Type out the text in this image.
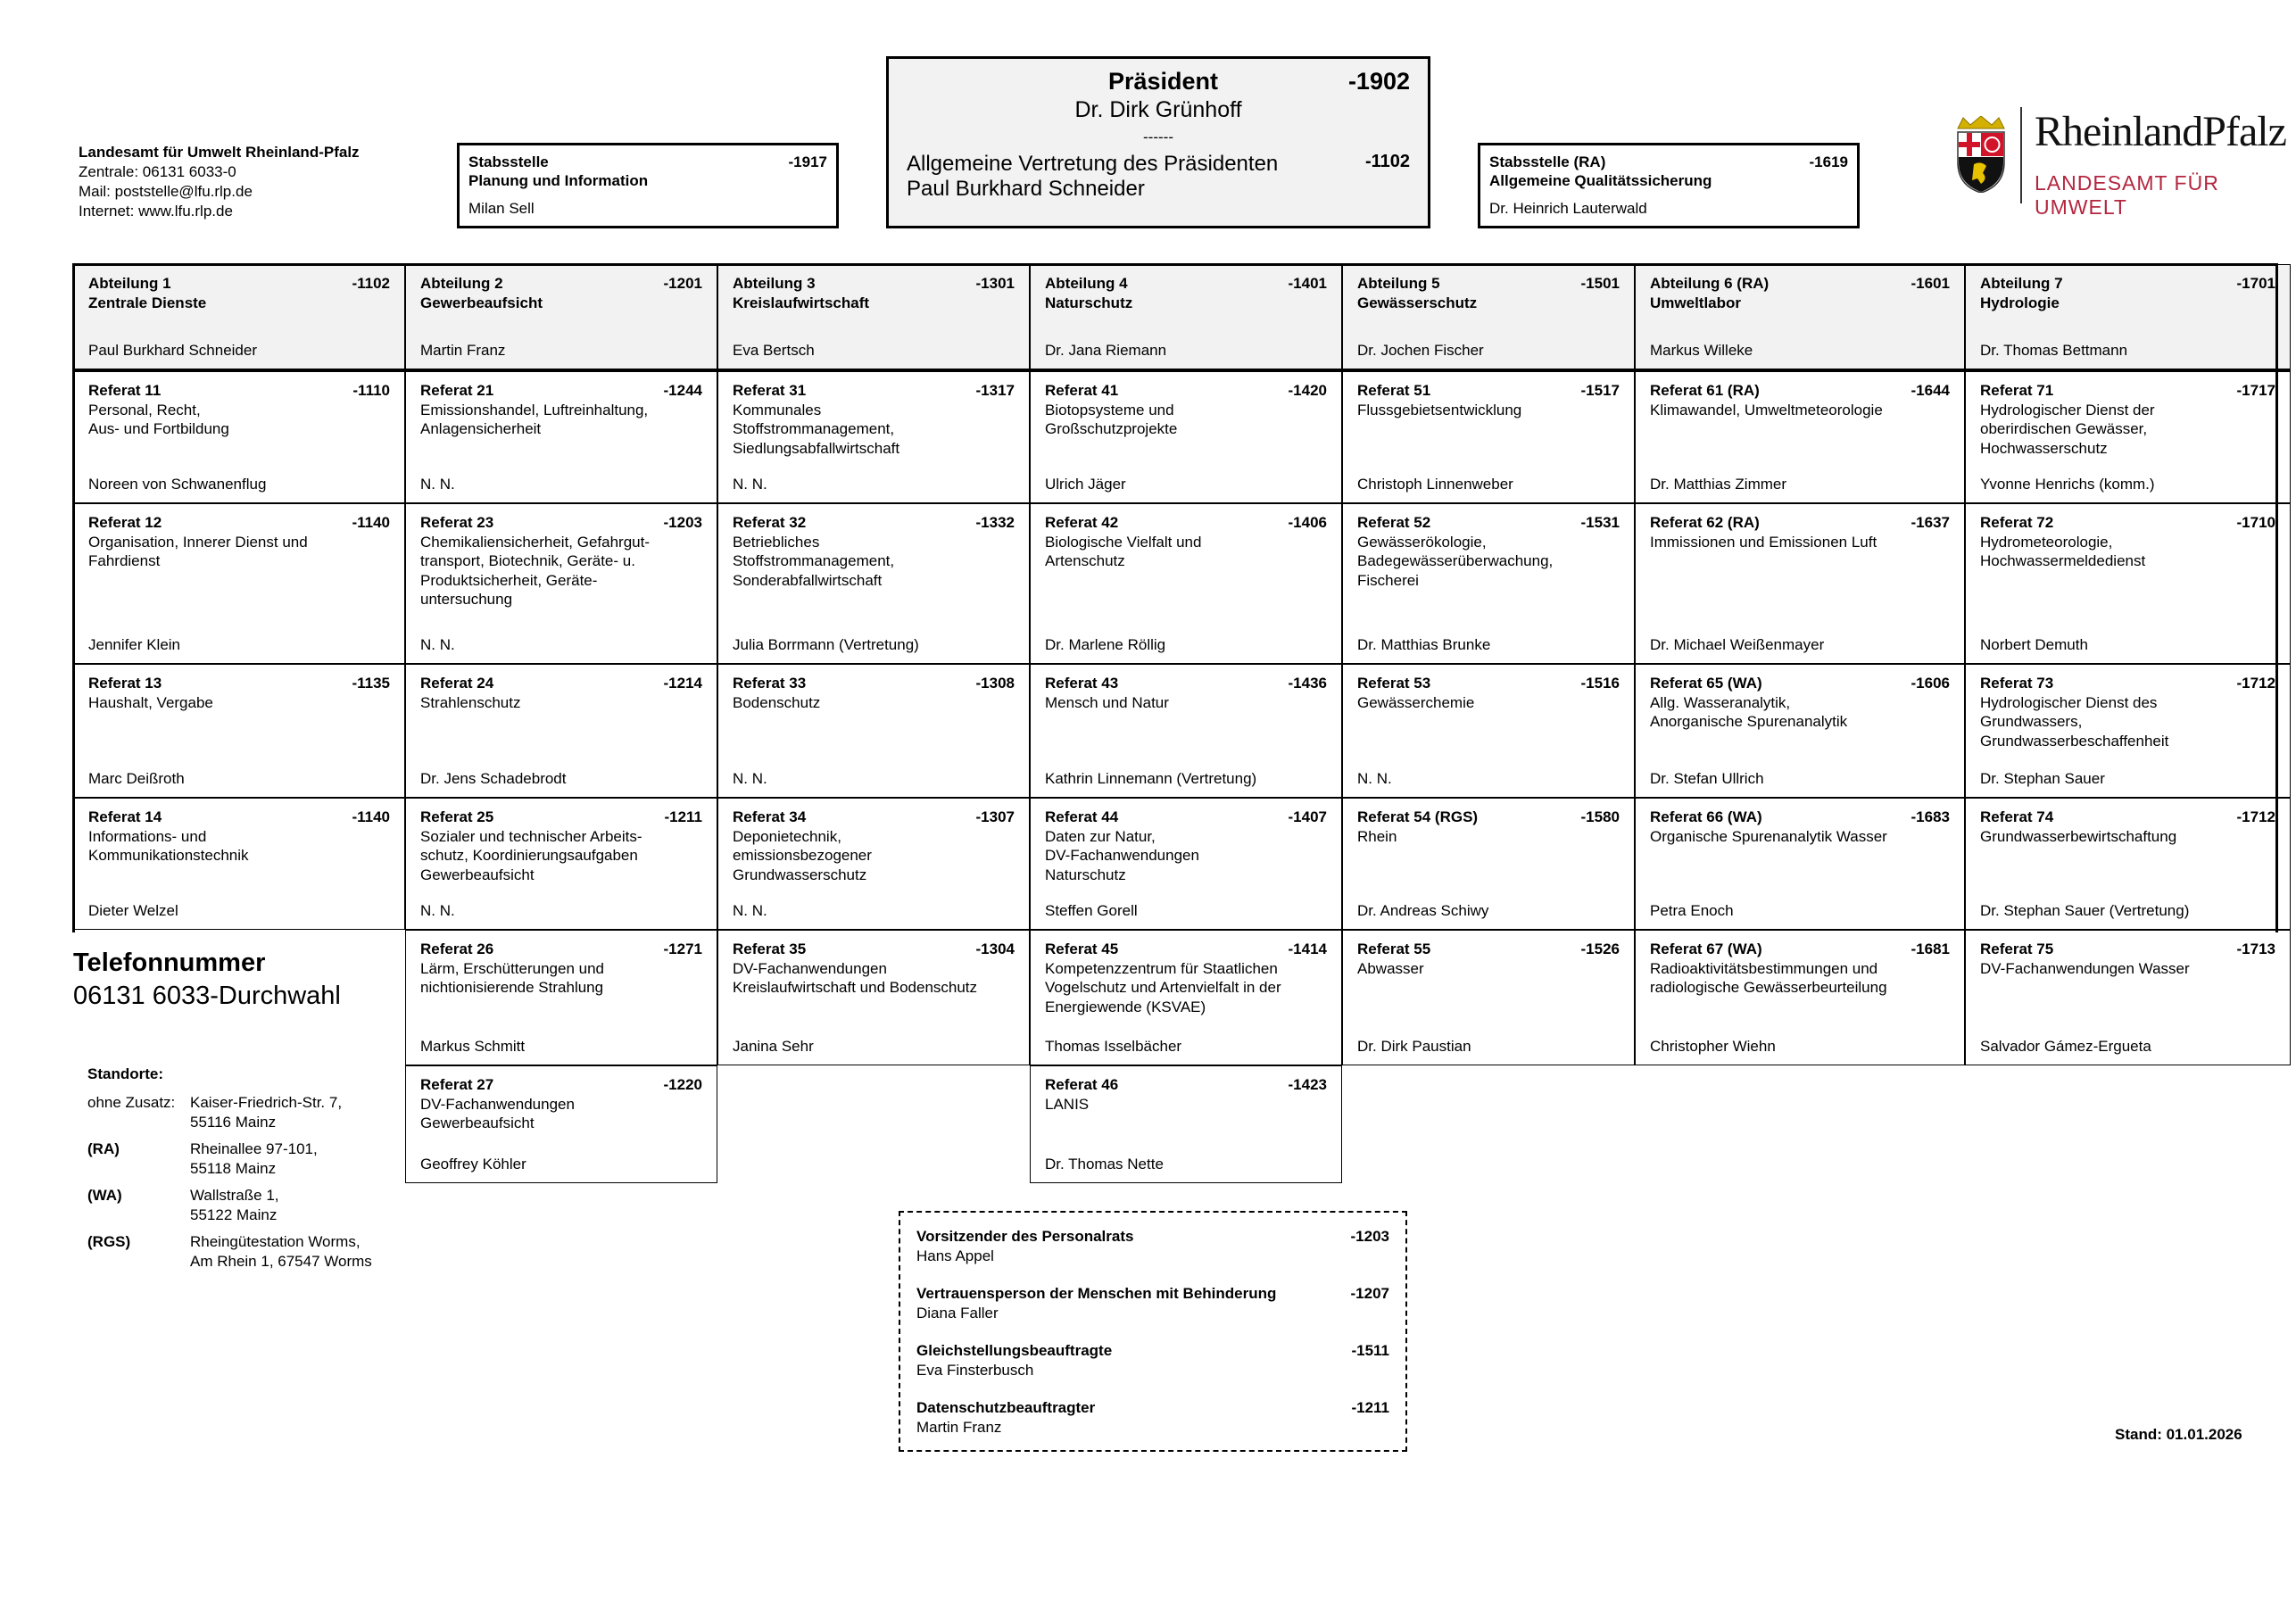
Landesamt für Umwelt Rheinland-Pfalz
Zentrale: 06131 6033-0
Mail: poststelle@lfu.rlp.de
Internet: www.lfu.rlp.de
Stabsstelle	-1917
Planung und Information
Milan Sell
Präsident	-1902
Dr. Dirk Grünhoff
------
Allgemeine Vertretung des Präsidenten	-1102
Paul Burkhard Schneider
Stabsstelle (RA)	-1619
Allgemeine Qualitätssicherung
Dr. Heinrich Lauterwald
RheinlandPfalz
LANDESAMT FÜR UMWELT
Abteilung 1	-1102
Zentrale Dienste
Paul Burkhard Schneider
Referat 11	-1110
Personal, Recht,
Aus- und Fortbildung
Noreen von Schwanenflug
Referat 12	-1140
Organisation, Innerer Dienst und
Fahrdienst
Jennifer Klein
Referat 13	-1135
Haushalt, Vergabe
Marc Deißroth
Referat 14	-1140
Informations- und
Kommunikationstechnik
Dieter Welzel
Abteilung 2	-1201
Gewerbeaufsicht
Martin Franz
Referat 21	-1244
Emissionshandel, Luftreinhaltung,
Anlagensicherheit
N. N.
Referat 23	-1203
Chemikaliensicherheit, Gefahrgut-
transport, Biotechnik, Geräte- u.
Produktsicherheit, Geräte-
untersuchung
N. N.
Referat 24	-1214
Strahlenschutz
Dr. Jens Schadebrodt
Referat 25	-1211
Sozialer und technischer Arbeits-
schutz, Koordinierungsaufgaben
Gewerbeaufsicht
N. N.
Referat 26	-1271
Lärm, Erschütterungen und
nichtionisierende Strahlung
Markus Schmitt
Referat 27	-1220
DV-Fachanwendungen
Gewerbeaufsicht
Geoffrey Köhler
Abteilung 3	-1301
Kreislaufwirtschaft
Eva Bertsch
Referat 31	-1317
Kommunales
Stoffstrommanagement,
Siedlungsabfallwirtschaft
N. N.
Referat 32	-1332
Betriebliches
Stoffstrommanagement,
Sonderabfallwirtschaft
Julia Borrmann (Vertretung)
Referat 33	-1308
Bodenschutz
N. N.
Referat 34	-1307
Deponietechnik,
emissionsbezogener
Grundwasserschutz
N. N.
Referat 35	-1304
DV-Fachanwendungen
Kreislaufwirtschaft und Bodenschutz
Janina Sehr
Abteilung 4	-1401
Naturschutz
Dr. Jana Riemann
Referat 41	-1420
Biotopsysteme und
Großschutzprojekte
Ulrich Jäger
Referat 42	-1406
Biologische Vielfalt und
Artenschutz
Dr. Marlene Röllig
Referat 43	-1436
Mensch und Natur
Kathrin Linnemann (Vertretung)
Referat 44	-1407
Daten zur Natur,
DV-Fachanwendungen
Naturschutz
Steffen Gorell
Referat 45	-1414
Kompetenzzentrum für Staatlichen
Vogelschutz und Artenvielfalt in der
Energiewende (KSVAE)
Thomas Isselbächer
Referat 46	-1423
LANIS
Dr. Thomas Nette
Abteilung 5	-1501
Gewässerschutz
Dr. Jochen Fischer
Referat 51	-1517
Flussgebietsentwicklung
Christoph Linnenweber
Referat 52	-1531
Gewässerökologie,
Badegewässerüberwachung,
Fischerei
Dr. Matthias Brunke
Referat 53	-1516
Gewässerchemie
N. N.
Referat 54 (RGS)	-1580
Rhein
Dr. Andreas Schiwy
Referat 55	-1526
Abwasser
Dr. Dirk Paustian
Abteilung 6 (RA)	-1601
Umweltlabor
Markus Willeke
Referat 61 (RA)	-1644
Klimawandel, Umweltmeteorologie
Dr. Matthias Zimmer
Referat 62 (RA)	-1637
Immissionen und Emissionen Luft
Dr. Michael Weißenmayer
Referat 65 (WA)	-1606
Allg. Wasseranalytik,
Anorganische Spurenanalytik
Dr. Stefan Ullrich
Referat 66 (WA)	-1683
Organische Spurenanalytik Wasser
Petra Enoch
Referat 67 (WA)	-1681
Radioaktivitätsbestimmungen und
radiologische Gewässerbeurteilung
Christopher Wiehn
Abteilung 7	-1701
Hydrologie
Dr. Thomas Bettmann
Referat 71	-1717
Hydrologischer Dienst der
oberirdischen Gewässer,
Hochwasserschutz
Yvonne Henrichs (komm.)
Referat 72	-1710
Hydrometeorologie,
Hochwassermeldedienst
Norbert Demuth
Referat 73	-1712
Hydrologischer Dienst des
Grundwassers,
Grundwasserbeschaffenheit
Dr. Stephan Sauer
Referat 74	-1712
Grundwasserbewirtschaftung
Dr. Stephan Sauer (Vertretung)
Referat 75	-1713
DV-Fachanwendungen Wasser
Salvador Gámez-Ergueta
Telefonnummer
06131 6033-Durchwahl
Standorte:
ohne Zusatz: Kaiser-Friedrich-Str. 7,
55116 Mainz
(RA)	Rheinallee 97-101,
55118 Mainz
(WA)	Wallstraße 1,
55122 Mainz
(RGS)	Rheingütestation Worms,
Am Rhein 1, 67547 Worms
Vorsitzender des Personalrats	-1203
Hans Appel
Vertrauensperson der Menschen mit Behinderung	-1207
Diana Faller
Gleichstellungsbeauftragte	-1511
Eva Finsterbusch
Datenschutzbeauftragter	-1211
Martin Franz	Stand: 01.01.2026
